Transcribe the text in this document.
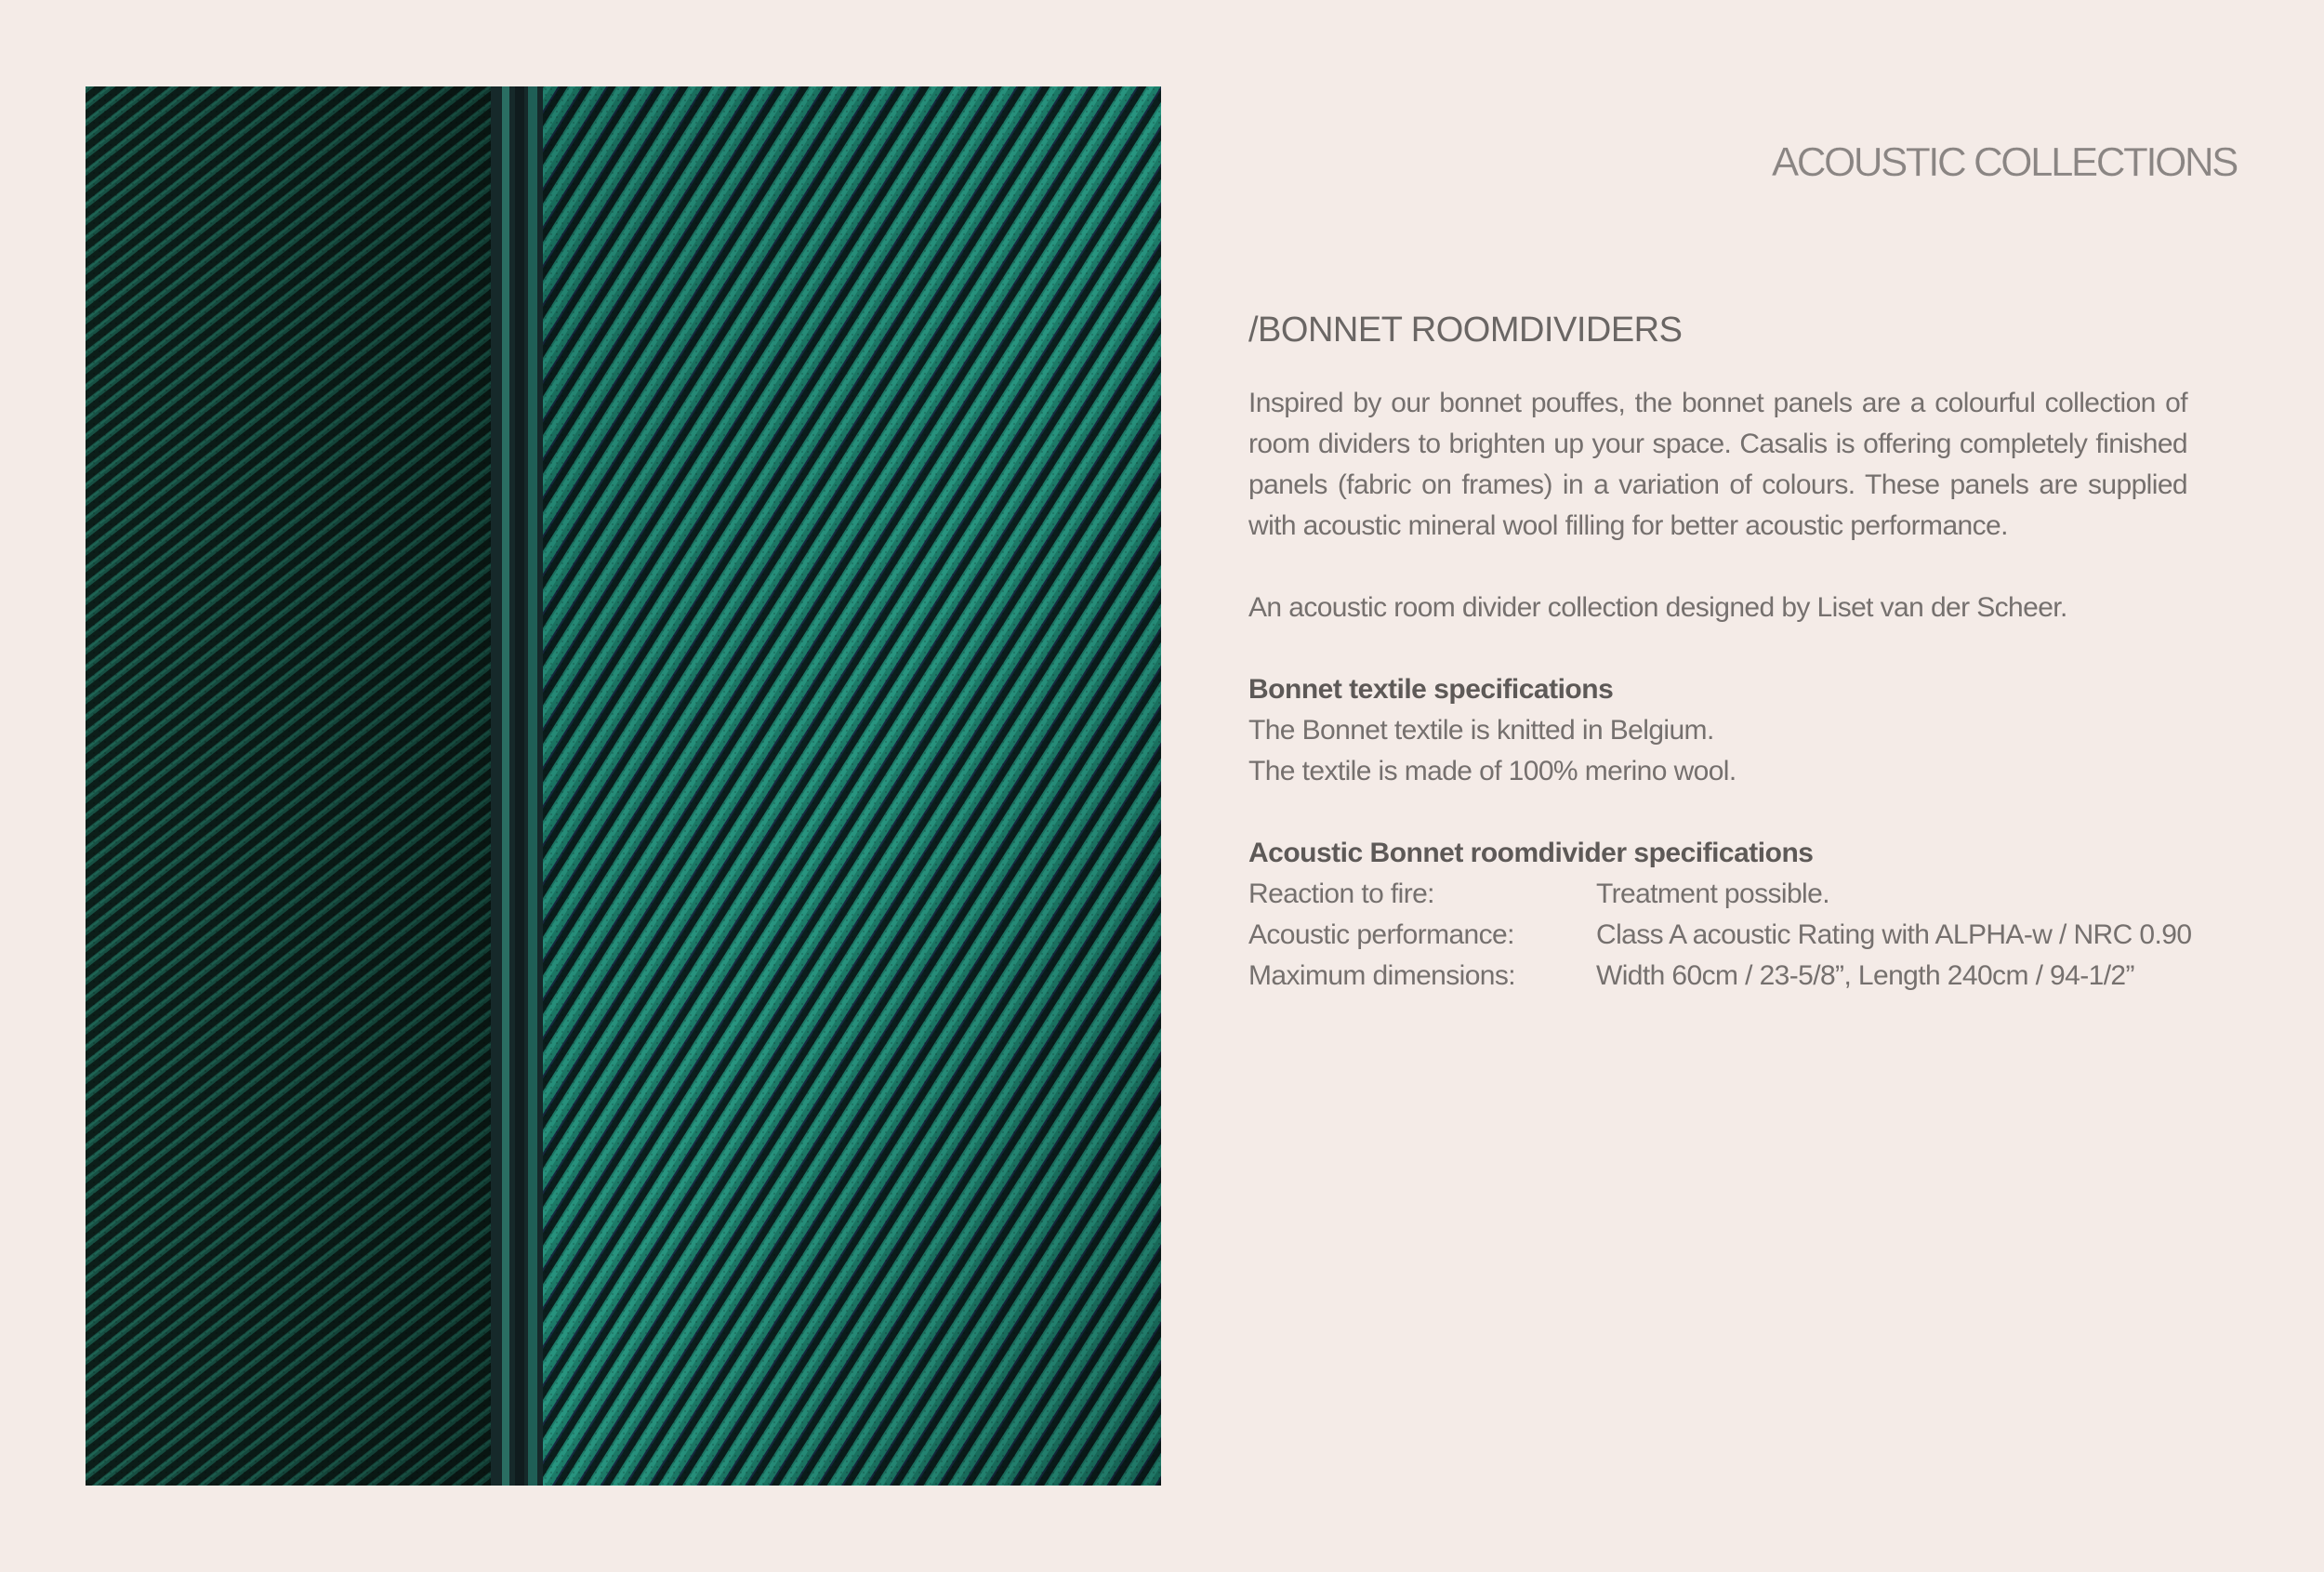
ACOUSTIC COLLECTIONS
/BONNET ROOMDIVIDERS

Inspired by our bonnet pouffes, the bonnet panels are a colourful collection of room dividers to brighten up your space. Casalis is offering completely finished panels (fabric on frames) in a variation of colours. These panels are supplied with acoustic mineral wool filling for better acoustic performance.

An acoustic room divider collection designed by Liset van der Scheer.

Bonnet textile specifications

The Bonnet textile is knitted in Belgium.

The textile is made of 100% merino wool.

Acoustic Bonnet roomdivider specifications

Reaction to fire:	Treatment possible.
Acoustic performance:	Class A acoustic Rating with ALPHA-w / NRC 0.90
Maximum dimensions:	Width 60cm / 23-5/8”, Length 240cm / 94-1/2”
